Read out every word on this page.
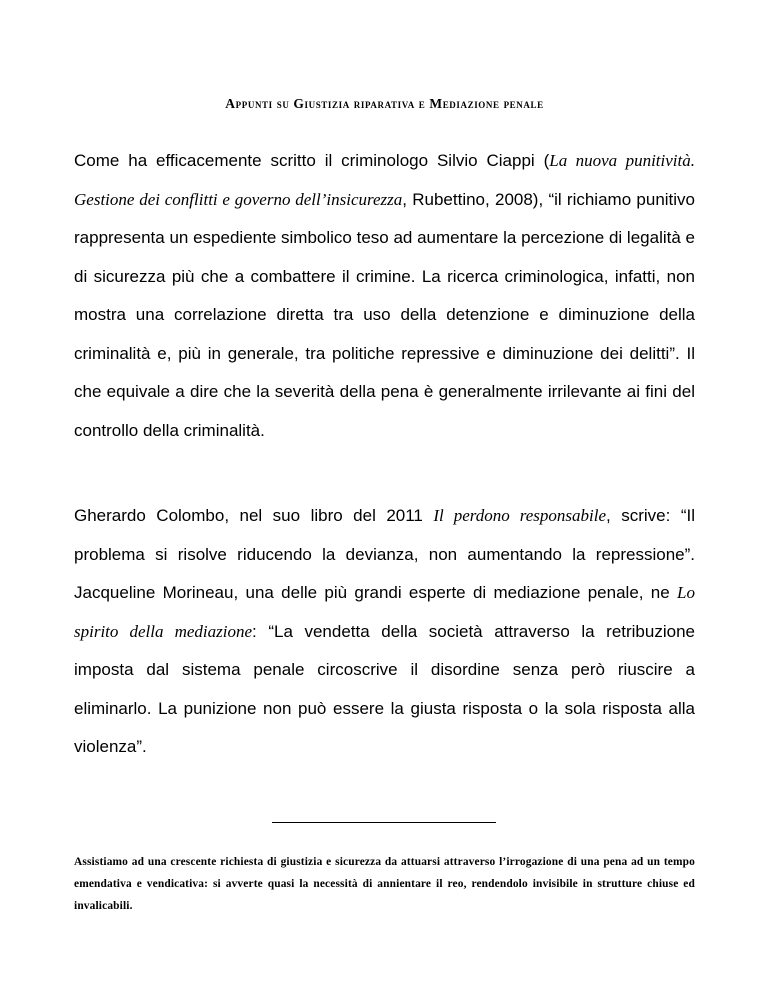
Appunti su Giustizia riparativa e Mediazione penale

Come ha efficacemente scritto il criminologo Silvio Ciappi (La nuova punitività. Gestione dei conflitti e governo dell’insicurezza, Rubettino, 2008), “il richiamo punitivo rappresenta un espediente simbolico teso ad aumentare la percezione di legalità e di sicurezza più che a combattere il crimine. La ricerca criminologica, infatti, non mostra una correlazione diretta tra uso della detenzione e diminuzione della criminalità e, più in generale, tra politiche repressive e diminuzione dei delitti”. Il che equivale a dire che la severità della pena è generalmente irrilevante ai fini del controllo della criminalità.

Gherardo Colombo, nel suo libro del 2011 Il perdono responsabile, scrive: “Il problema si risolve riducendo la devianza, non aumentando la repressione”. Jacqueline Morineau, una delle più grandi esperte di mediazione penale, ne Lo spirito della mediazione: “La vendetta della società attraverso la retribuzione imposta dal sistema penale circoscrive il disordine senza però riuscire a eliminarlo. La punizione non può essere la giusta risposta o la sola risposta alla violenza”.

Assistiamo ad una crescente richiesta di giustizia e sicurezza da attuarsi attraverso l’irrogazione di una pena ad un tempo emendativa e vendicativa: si avverte quasi la necessità di annientare il reo, rendendolo invisibile in strutture chiuse ed invalicabili.
